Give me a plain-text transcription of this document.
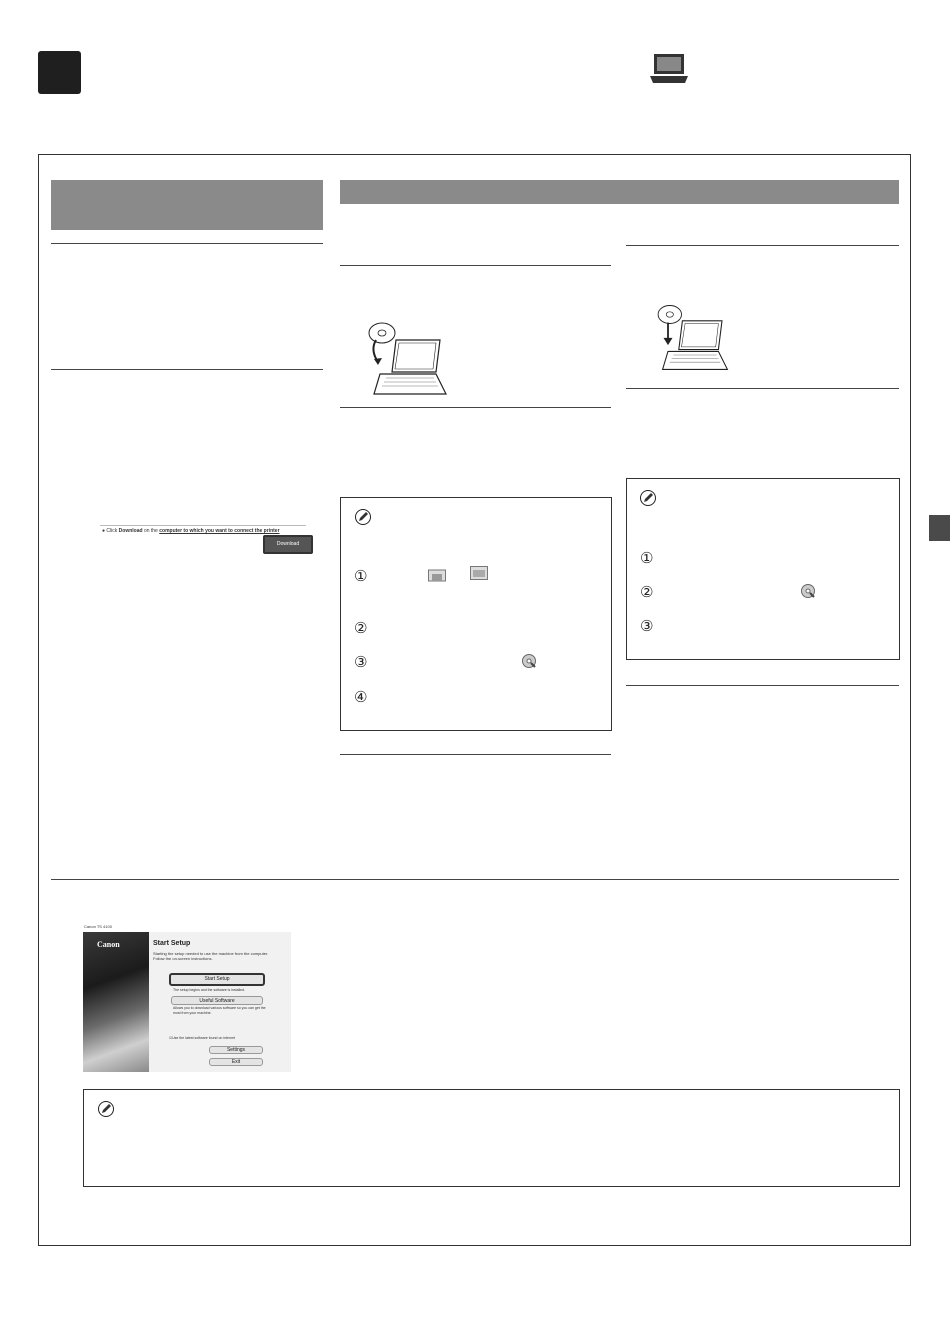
● Click Download on the computer to which you want to connect the printer
Download
①
②
③
④
①
②
③
Canon TS 4100
Canon	Start Setup
Starting the setup needed to use the machine from the computer. Follow the on-screen instructions.
Start Setup
The setup begins and the software is installed.
Useful Software
Allows you to download various software so you can get the most from your machine.
☑Use the latest software found on internet
Settings
Exit
